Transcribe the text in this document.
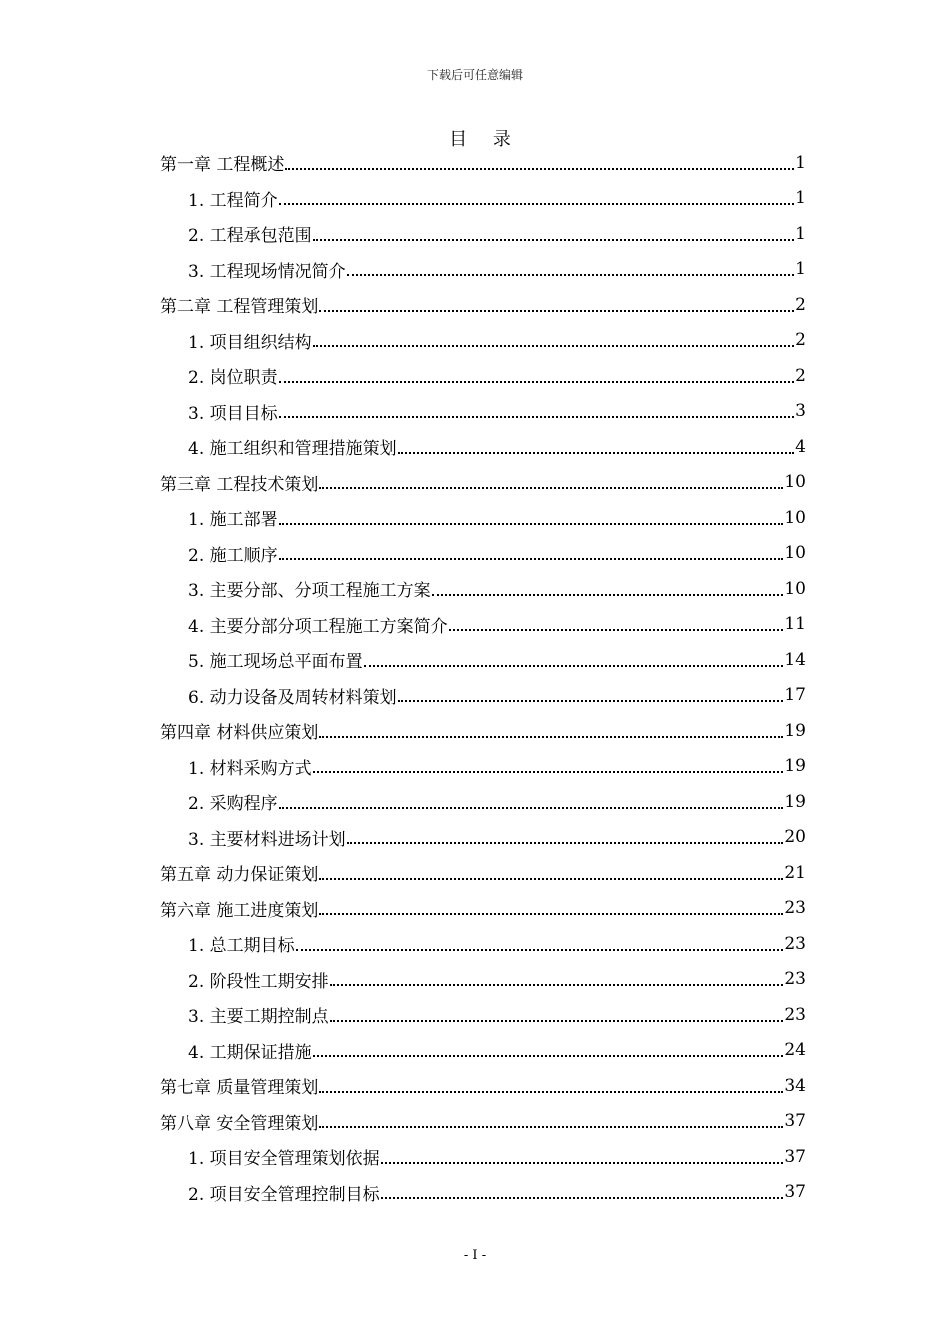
下载后可任意编辑
目 录
第一章 工程概述	1
1. 工程简介	1
2. 工程承包范围	1
3. 工程现场情况简介	1
第二章 工程管理策划	2
1. 项目组织结构	2
2. 岗位职责	2
3. 项目目标	3
4. 施工组织和管理措施策划	4
第三章 工程技术策划	10
1. 施工部署	10
2. 施工顺序	10
3. 主要分部、分项工程施工方案	10
4. 主要分部分项工程施工方案简介	11
5. 施工现场总平面布置	14
6. 动力设备及周转材料策划	17
第四章 材料供应策划	19
1. 材料采购方式	19
2. 采购程序	19
3. 主要材料进场计划	20
第五章 动力保证策划	21
第六章 施工进度策划	23
1. 总工期目标	23
2. 阶段性工期安排	23
3. 主要工期控制点	23
4. 工期保证措施	24
第七章 质量管理策划	34
第八章 安全管理策划	37
1. 项目安全管理策划依据	37
2. 项目安全管理控制目标	37
- I -
